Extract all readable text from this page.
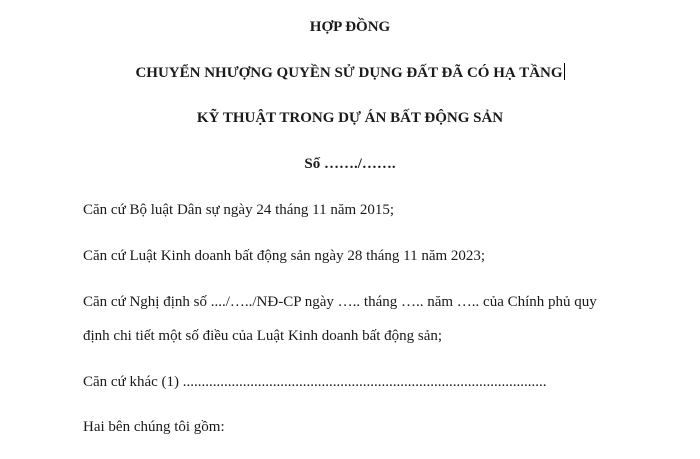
HỢP ĐỒNG
CHUYỂN NHƯỢNG QUYỀN SỬ DỤNG ĐẤT ĐÃ CÓ HẠ TẦNG
KỸ THUẬT TRONG DỰ ÁN BẤT ĐỘNG SẢN
Số ……./…….
Căn cứ Bộ luật Dân sự ngày 24 tháng 11 năm 2015;
Căn cứ Luật Kinh doanh bất động sản ngày 28 tháng 11 năm 2023;
Căn cứ Nghị định số ..../…../NĐ-CP ngày ….. tháng ….. năm ….. của Chính phủ quy
định chi tiết một số điều của Luật Kinh doanh bất động sản;
Căn cứ khác (1) .................................................................................................
Hai bên chúng tôi gồm:
